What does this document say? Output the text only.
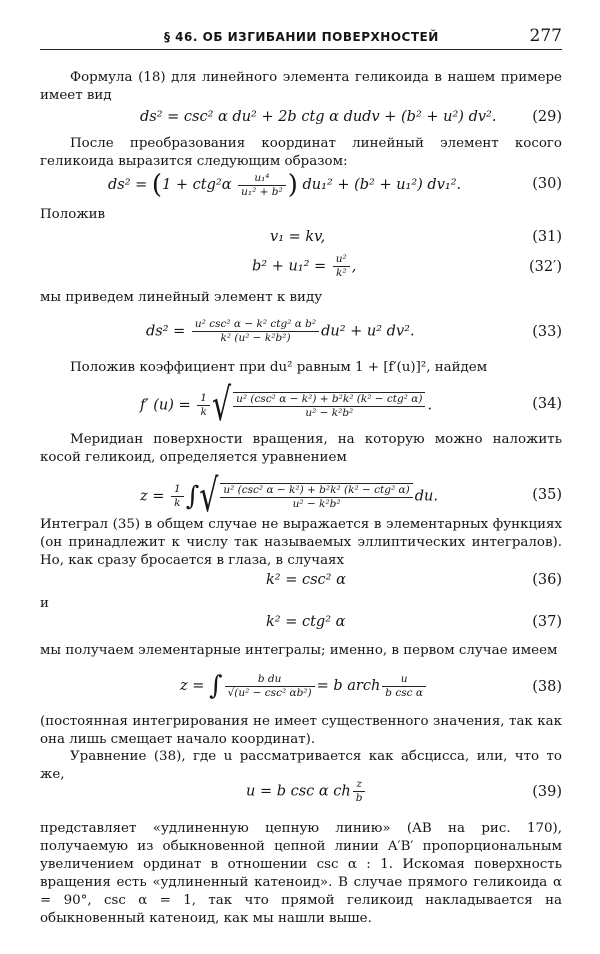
§ 46. ОБ ИЗГИБАНИИ ПОВЕРХНОСТЕЙ	277
Формула (18) для линейного элемента геликоида в нашем примере имеет вид
ds² = csc² α du² + 2b ctg α dudv + (b² + u²) dv². (29)
После преобразования координат линейный элемент косого геликоида выразится следующим образом:
$ds^2 = (1 + ctg^2\alpha \frac{\text{u₁⁴}}{\text{u₁² + b²}}$ ) du₁² + (b² + u₁²) dv₁².	(30)
Положив
v₁ = kv,	(31)
$b^2 + u_1^2 = \frac{\text{u²}}{\text{k²}}$ ,	(32′)
мы приведем линейный элемент к виду
$ds^2 = \frac{\text{u² csc² α − k² ctg² α b²}}{\text{k² (u² − k²b²)}} du^2 + u^2$ dv².	(33)
Положив коэффициент при du² равным 1 + [f′(u)]², найдем
f′ $(u) = \frac{1}{k}$ √ $\frac{\text{u² (csc² α − k²) + b²k² (k² − ctg² α)}}{\text{u² − k²b²}}$ .	(34)
Меридиан поверхности вращения, на которую можно наложить косой геликоид, определяется уравнением
$z = \frac{1}{k}$ ∫√ $\frac{\text{u² (csc² α − k²) + b²k² (k² − ctg² α)}}{\text{u² − k²b²}}$ du.	(35)
Интеграл (35) в общем случае не выражается в элементарных функциях (он принадлежит к числу так называемых эллиптических интегралов). Но, как сразу бросается в глаза, в случаях
k² = csc² α	(36)
и
k² = ctg² α	(37)
мы получаем элементарные интегралы; именно, в первом случае имеем
z = ∫ $\frac{\text{b du}}{\text{√(u² − csc² αb²)}} = b$ arch $\frac{u}{\text{b csc α}}$	(38)
(постоянная интегрирования не имеет существенного значения, так как она лишь смещает начало координат).
Уравнение (38), где u рассматривается как абсцисса, или, что то же,
u = b csc α ch $\frac{z}{b}$	(39)
представляет «удлиненную цепную линию» (AB на рис. 170), получаемую из обыкновенной цепной линии A′B′ пропорциональным увеличением ординат в отношении csc α : 1. Искомая поверхность вращения есть «удлиненный катеноид». В случае прямого геликоида α = 90°, csc α = 1, так что прямой геликоид накладывается на обыкновенный катеноид, как мы нашли выше.
